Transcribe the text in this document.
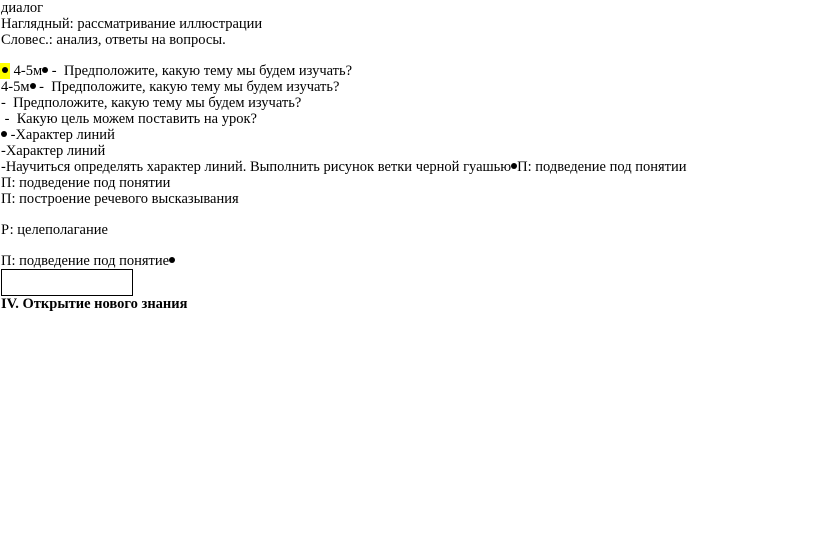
диалог
Наглядный: рассматривание иллюстрации
Словес.: анализ, ответы на вопросы.
4-5м -  Предположите, какую тему мы будем изучать?
4-5м -  Предположите, какую тему мы будем изучать?
-  Предположите, какую тему мы будем изучать?
-  Какую цель можем поставить на урок?
-Характер линий
-Характер линий
-Научиться определять характер линий. Выполнить рисунок ветки черной гуашью П: подведение под понятии
П: подведение под понятии
П: построение речевого высказывания
Р: целеполагание
П: подведение под понятие
IV. Открытие нового знания
